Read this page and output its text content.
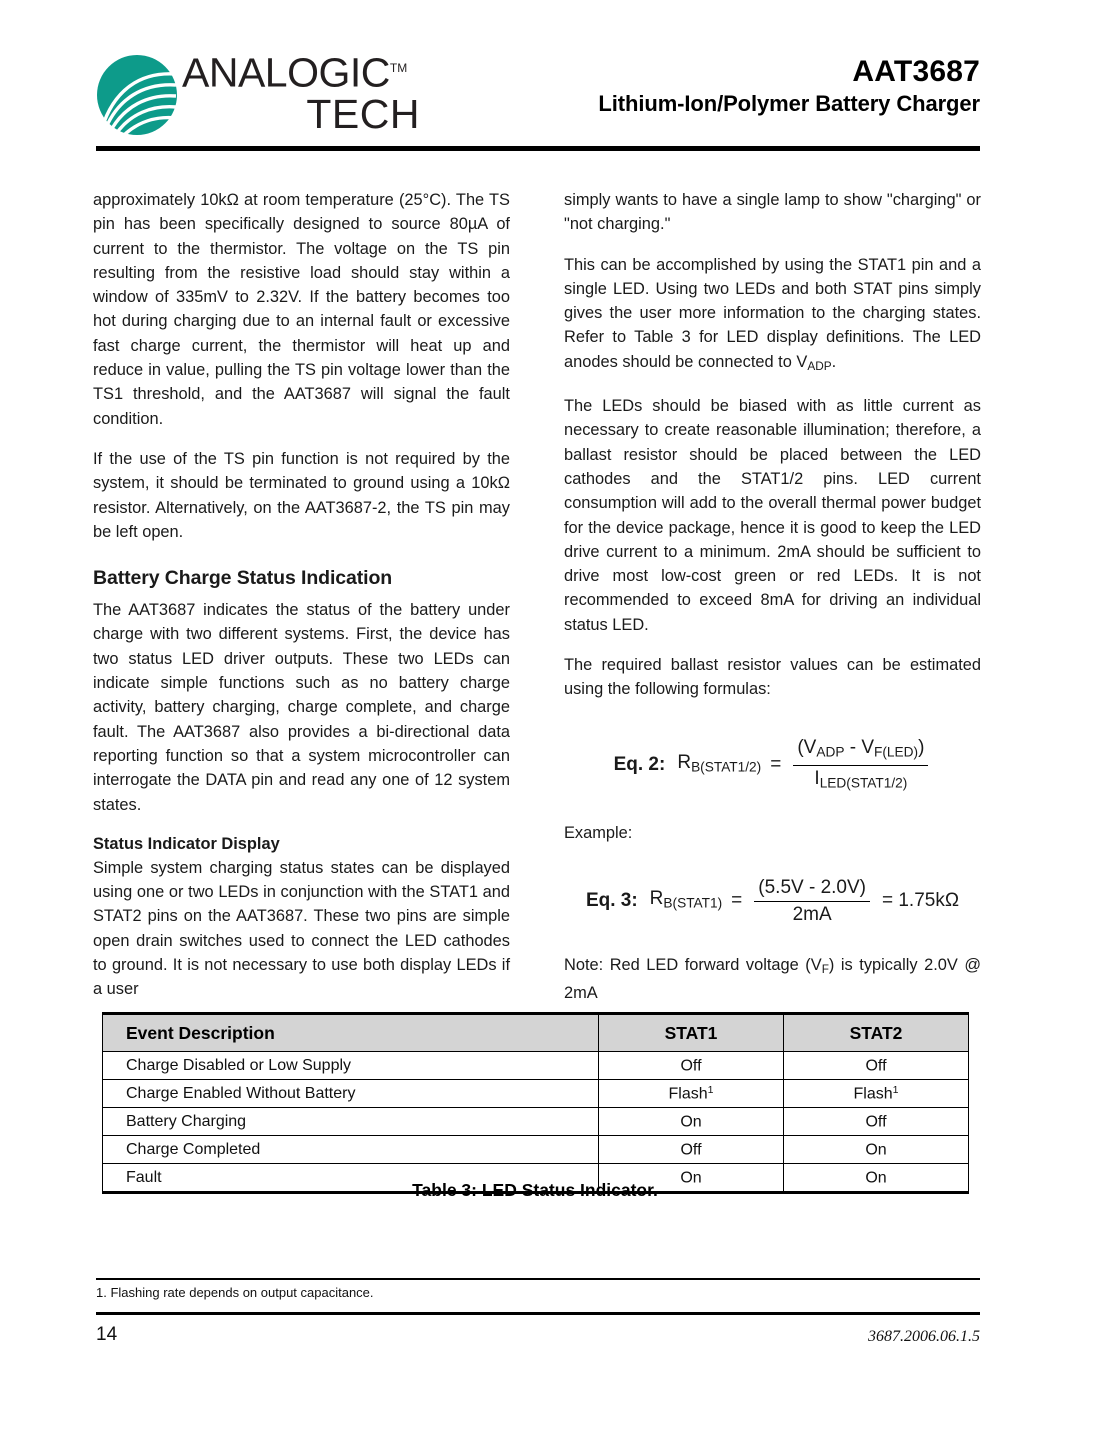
ANALOGIC™
TECH
AAT3687
Lithium-Ion/Polymer Battery Charger

approximately 10kΩ at room temperature (25°C). The TS pin has been specifically designed to source 80µA of current to the thermistor. The voltage on the TS pin resulting from the resistive load should stay within a window of 335mV to 2.32V. If the battery becomes too hot during charging due to an internal fault or excessive fast charge current, the thermistor will heat up and reduce in value, pulling the TS pin voltage lower than the TS1 threshold, and the AAT3687 will signal the fault condition.

If the use of the TS pin function is not required by the system, it should be terminated to ground using a 10kΩ resistor. Alternatively, on the AAT3687-2, the TS pin may be left open.

Battery Charge Status Indication

The AAT3687 indicates the status of the battery under charge with two different systems. First, the device has two status LED driver outputs. These two LEDs can indicate simple functions such as no battery charge activity, battery charging, charge complete, and charge fault. The AAT3687 also provides a bi-directional data reporting function so that a system microcontroller can interrogate the DATA pin and read any one of 12 system states.

Status Indicator Display

Simple system charging status states can be displayed using one or two LEDs in conjunction with the STAT1 and STAT2 pins on the AAT3687. These two pins are simple open drain switches used to connect the LED cathodes to ground. It is not necessary to use both display LEDs if a user

simply wants to have a single lamp to show "charging" or "not charging."

This can be accomplished by using the STAT1 pin and a single LED. Using two LEDs and both STAT pins simply gives the user more information to the charging states. Refer to Table 3 for LED display definitions. The LED anodes should be connected to $V_{ADP}$.

The LEDs should be biased with as little current as necessary to create reasonable illumination; therefore, a ballast resistor should be placed between the LED cathodes and the STAT1/2 pins. LED current consumption will add to the overall thermal power budget for the device package, hence it is good to keep the LED drive current to a minimum. 2mA should be sufficient to drive most low-cost green or red LEDs. It is not recommended to exceed 8mA for driving an individual status LED.

The required ballast resistor values can be estimated using the following formulas:

Eq. 2: $R_{B(STAT1/2)} = \frac{(V_{ADP} - V_{F(LED)})}{I_{LED(STAT1/2)}}$

Example:

Eq. 3: $R_{B(STAT1)} = \frac{(5.5V - 2.0V)}{2mA} = 1.75k\Omega$

Note: Red LED forward voltage $(V_F)$ is typically 2.0V @ 2mA

Event Description	STAT1	STAT2
Charge Disabled or Low Supply	Off	Off
Charge Enabled Without Battery	Flash$^1$	Flash$^1$
Battery Charging	On	Off
Charge Completed	Off	On
Fault	On	On
Table 3: LED Status Indicator.
1. Flashing rate depends on output capacitance.
14	3687.2006.06.1.5
